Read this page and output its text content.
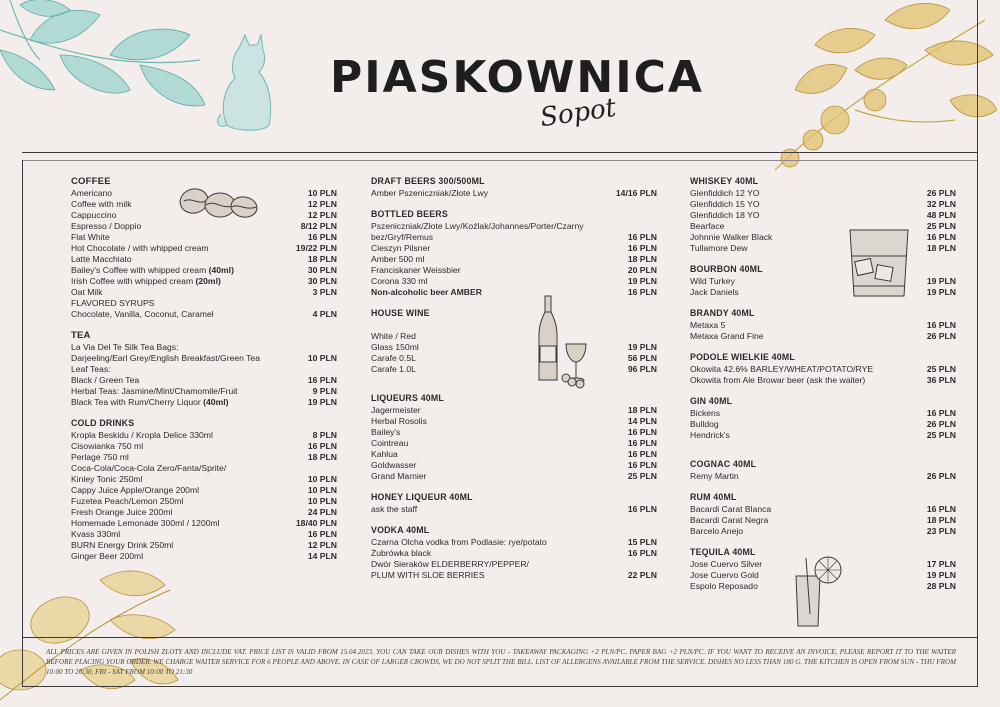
PIASKOWNICA
Sopot
COFFEE
Americano	10 PLN
Coffee with milk	12 PLN
Cappuccino	12 PLN
Espresso / Doppio	8/12 PLN
Flat White	16 PLN
Hot Chocolate / with whipped cream	19/22 PLN
Latte Macchiato	18 PLN
Bailey's Coffee with whipped cream (40ml)	30 PLN
Irish Coffee with whipped cream (20ml)	30 PLN
Oat Milk	3 PLN
FLAVORED SYRUPS
Chocolate, Vanilla, Coconut, Caramel	4 PLN
TEA
La Via Del Te Silk Tea Bags:
Darjeeling/Earl Grey/English Breakfast/Green Tea	10 PLN
Leaf Teas:
Black / Green Tea	16 PLN
Herbal Teas: Jasmine/Mint/Chamomile/Fruit	9 PLN
Black Tea with Rum/Cherry Liquor (40ml)	19 PLN
COLD DRINKS
Kropla Beskidu / Kropla Delice 330ml	8 PLN
Cisowianka 750 ml	16 PLN
Perlage 750 ml	18 PLN
Coca-Cola/Coca-Cola Zero/Fanta/Sprite/
Kinley Tonic 250ml	10 PLN
Cappy Juice Apple/Orange 200ml	10 PLN
Fuzetea Peach/Lemon 250ml	10 PLN
Fresh Orange Juice 200ml	24 PLN
Homemade Lemonade 300ml / 1200ml	18/40 PLN
Kvass 330ml	16 PLN
BURN Energy Drink 250ml	12 PLN
Ginger Beer 200ml	14 PLN
DRAFT BEERS 300/500ML
Amber Pszeniczniak/Złote Lwy	14/16 PLN
BOTTLED BEERS
Pszeniczniak/Złote Lwy/Koźlak/Johannes/Porter/Czarny
bez/Gryf/Remus	16 PLN
Cieszyn Pilsner	16 PLN
Amber 500 ml	18 PLN
Franciskaner Weissbier	20 PLN
Corona 330 ml	19 PLN
Non-alcoholic beer AMBER	16 PLN
HOUSE WINE

White / Red
Glass 150ml	19 PLN
Carafe 0.5L	56 PLN
Carafe 1.0L	96 PLN
LIQUEURS 40ML
Jagermeister	18 PLN
Herbal Rosolis	14 PLN
Bailey's	16 PLN
Cointreau	16 PLN
Kahlua	16 PLN
Goldwasser	16 PLN
Grand Marnier	25 PLN
HONEY LIQUEUR 40ML
ask the staff	16 PLN
VODKA 40ML
Czarna Olcha vodka from Podlasie: rye/potato	15 PLN
Żubrówka black	16 PLN
Dwór Sieraków ELDERBERRY/PEPPER/
PLUM WITH SLOE BERRIES	22 PLN
WHISKEY 40ML
Glenfiddich 12 YO	26 PLN
Glenfiddich 15 YO	32 PLN
Glenfiddich 18 YO	48 PLN
Bearface	25 PLN
Johnnie Walker Black	16 PLN
Tullamore Dew	18 PLN
BOURBON 40ML
Wild Turkey	19 PLN
Jack Daniels	19 PLN
BRANDY 40ML
Metaxa 5	16 PLN
Metaxa Grand Fine	26 PLN
PODOLE WIELKIE 40ML
Okowita 42.6% BARLEY/WHEAT/POTATO/RYE	25 PLN
Okowita from Ale Browar beer (ask the waiter)	36 PLN
GIN 40ML
Bickens	16 PLN
Bulldog	26 PLN
Hendrick's	25 PLN
COGNAC 40ML
Remy Martin	26 PLN
RUM 40ML
Bacardi Carat Blanca	16 PLN
Bacardi Carat Negra	18 PLN
Barcelo Anejo	23 PLN
TEQUILA 40ML
Jose Cuervo Silver	17 PLN
Jose Cuervo Gold	19 PLN
Espolo Reposado	28 PLN
ALL PRICES ARE GIVEN IN POLISH ZLOTY AND INCLUDE VAT. PRICE LIST IS VALID FROM 15.04.2023. YOU CAN TAKE OUR DISHES WITH YOU - TAKEAWAY PACKAGING +2 PLN/PC, PAPER BAG +2 PLN/PC. IF YOU WANT TO RECEIVE AN INVOICE, PLEASE REPORT IT TO THE WAITER BEFORE PLACING YOUR ORDER. WE CHARGE WAITER SERVICE FOR 6 PEOPLE AND ABOVE. IN CASE OF LARGER CROWDS, WE DO NOT SPLIT THE BILL. LIST OF ALLERGENS AVAILABLE FROM THE SERVICE. DISHES NO LESS THAN 180 G. THE KITCHEN IS OPEN FROM SUN - THU FROM 10:00 TO 20:30, FRI - SAT FROM 10:00 TO 21:30
